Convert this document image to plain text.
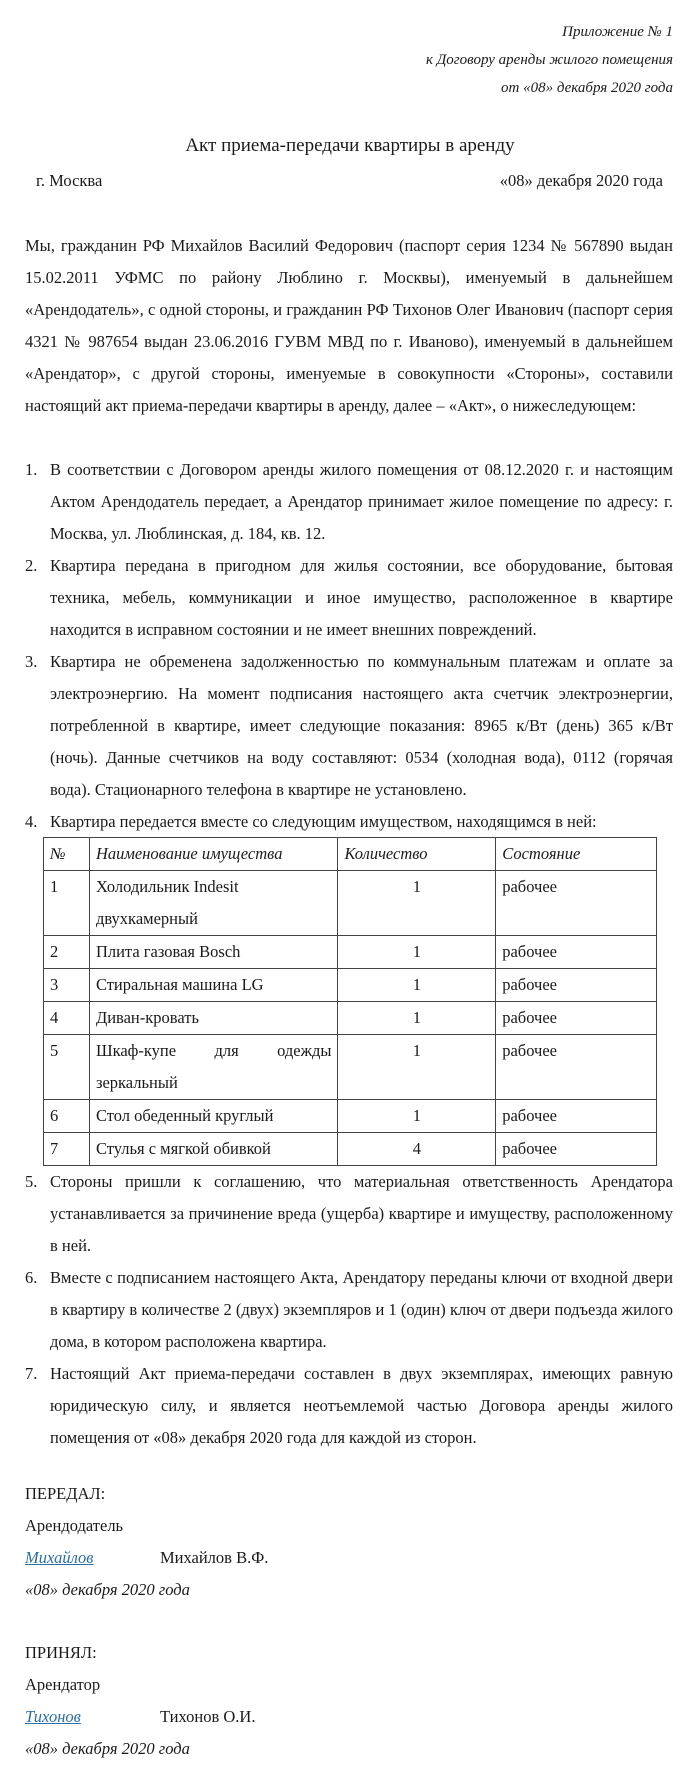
Приложение № 1
к Договору аренды жилого помещения
от «08» декабря 2020 года
Акт приема-передачи квартиры в аренду
г. Москва	«08» декабря 2020 года

Мы, гражданин РФ Михайлов Василий Федорович (паспорт серия 1234 № 567890 выдан 15.02.2011 УФМС по району Люблино г. Москвы), именуемый в дальнейшем «Арендодатель», с одной стороны, и гражданин РФ Тихонов Олег Иванович (паспорт серия 4321 № 987654 выдан 23.06.2016 ГУВМ МВД по г. Иваново), именуемый в дальнейшем «Арендатор», с другой стороны, именуемые в совокупности «Стороны», составили настоящий акт приема-передачи квартиры в аренду, далее – «Акт», о нижеследующем:

1. В соответствии с Договором аренды жилого помещения от 08.12.2020 г. и настоящим Актом Арендодатель передает, а Арендатор принимает жилое помещение по адресу: г. Москва, ул. Люблинская, д. 184, кв. 12.
2. Квартира передана в пригодном для жилья состоянии, все оборудование, бытовая техника, мебель, коммуникации и иное имущество, расположенное в квартире находится в исправном состоянии и не имеет внешних повреждений.
3. Квартира не обременена задолженностью по коммунальным платежам и оплате за электроэнергию. На момент подписания настоящего акта счетчик электроэнергии, потребленной в квартире, имеет следующие показания: 8965 к/Вт (день) 365 к/Вт (ночь). Данные счетчиков на воду составляют: 0534 (холодная вода), 0112 (горячая вода). Стационарного телефона в квартире не установлено.
4. Квартира передается вместе со следующим имуществом, находящимся в ней:
№	Наименование имущества	Количество	Состояние
1	Холодильник Indesit двухкамерный	1	рабочее
2	Плита газовая Bosch	1	рабочее
3	Стиральная машина LG	1	рабочее
4	Диван-кровать	1	рабочее
5	Шкаф-купе для одежды зеркальный	1	рабочее
6	Стол обеденный круглый	1	рабочее
7	Стулья с мягкой обивкой	4	рабочее
5. Стороны пришли к соглашению, что материальная ответственность Арендатора устанавливается за причинение вреда (ущерба) квартире и имуществу, расположенному в ней.
6. Вместе с подписанием настоящего Акта, Арендатору переданы ключи от входной двери в квартиру в количестве 2 (двух) экземпляров и 1 (один) ключ от двери подъезда жилого дома, в котором расположена квартира.
7. Настоящий Акт приема-передачи составлен в двух экземплярах, имеющих равную юридическую силу, и является неотъемлемой частью Договора аренды жилого помещения от «08» декабря 2020 года для каждой из сторон.
ПЕРЕДАЛ:
Арендодатель
Михайлов	Михайлов В.Ф.
«08» декабря 2020 года
ПРИНЯЛ:
Арендатор
Тихонов	Тихонов О.И.
«08» декабря 2020 года
